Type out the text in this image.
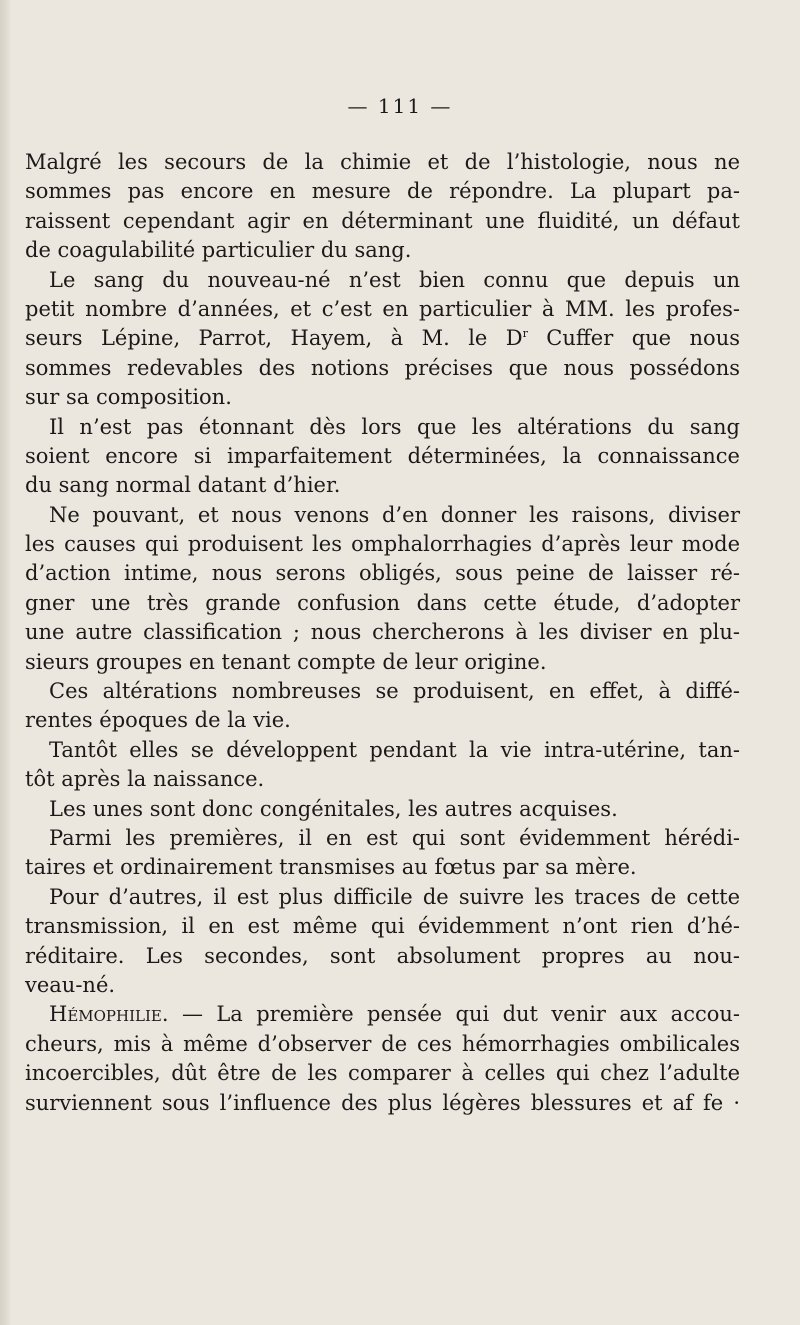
— 111 —
Malgré les secours de la chimie et de l’histologie, nous ne
sommes pas encore en mesure de répondre. La plupart pa-
raissent cependant agir en déterminant une fluidité, un défaut
de coagulabilité particulier du sang.
Le sang du nouveau-né n’est bien connu que depuis un
petit nombre d’années, et c’est en particulier à MM. les profes-
seurs Lépine, Parrot, Hayem, à M. le $D^r$ Cuffer que nous
sommes redevables des notions précises que nous possédons
sur sa composition.
Il n’est pas étonnant dès lors que les altérations du sang
soient encore si imparfaitement déterminées, la connaissance
du sang normal datant d’hier.
Ne pouvant, et nous venons d’en donner les raisons, diviser
les causes qui produisent les omphalorrhagies d’après leur mode
d’action intime, nous serons obligés, sous peine de laisser ré-
gner une très grande confusion dans cette étude, d’adopter
une autre classification ; nous chercherons à les diviser en plu-
sieurs groupes en tenant compte de leur origine.
Ces altérations nombreuses se produisent, en effet, à diffé-
rentes époques de la vie.
Tantôt elles se développent pendant la vie intra-utérine, tan-
tôt après la naissance.
Les unes sont donc congénitales, les autres acquises.
Parmi les premières, il en est qui sont évidemment hérédi-
taires et ordinairement transmises au fœtus par sa mère.
Pour d’autres, il est plus difficile de suivre les traces de cette
transmission, il en est même qui évidemment n’ont rien d’hé-
réditaire. Les secondes, sont absolument propres au nou-
veau-né.
Hémophilie. — La première pensée qui dut venir aux accou-
cheurs, mis à même d’observer de ces hémorrhagies ombilicales
incoercibles, dût être de les comparer à celles qui chez l’adulte
surviennent sous l’influence des plus légères blessures et af fe ·
